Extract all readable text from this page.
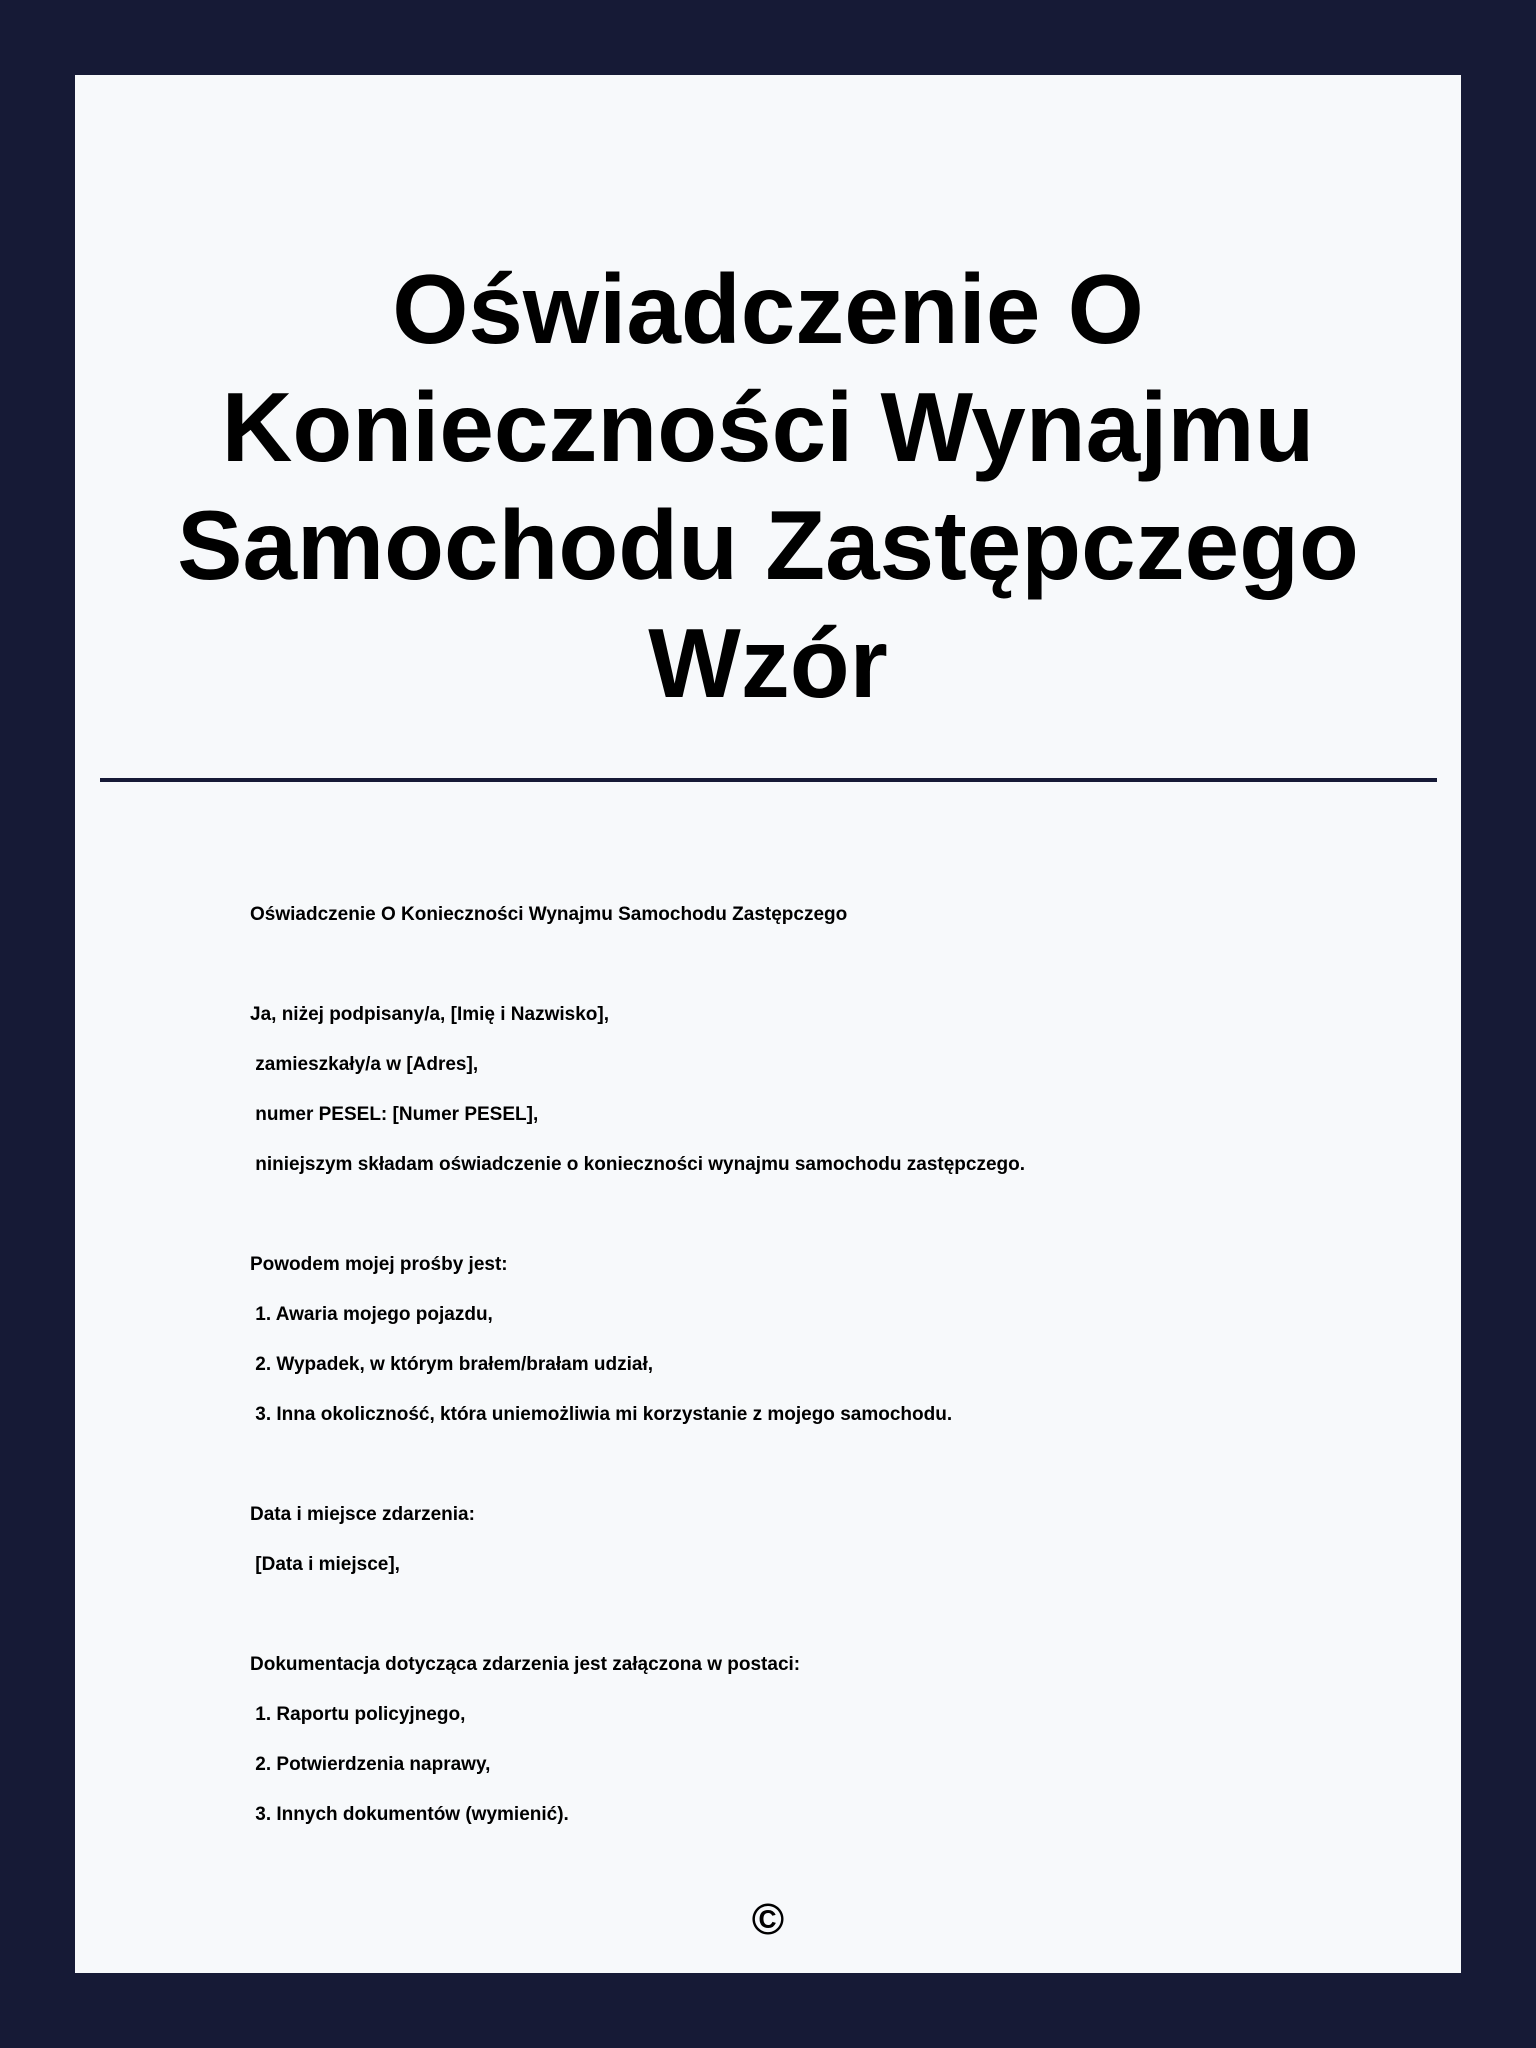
Oświadczenie O Konieczności Wynajmu Samochodu Zastępczego Wzór
Oświadczenie O Konieczności Wynajmu Samochodu Zastępczego
Ja, niżej podpisany/a, [Imię i Nazwisko],
zamieszkały/a w [Adres],
numer PESEL: [Numer PESEL],
niniejszym składam oświadczenie o konieczności wynajmu samochodu zastępczego.
Powodem mojej prośby jest:
1. Awaria mojego pojazdu,
2. Wypadek, w którym brałem/brałam udział,
3. Inna okoliczność, która uniemożliwia mi korzystanie z mojego samochodu.
Data i miejsce zdarzenia:
[Data i miejsce],
Dokumentacja dotycząca zdarzenia jest załączona w postaci:
1. Raportu policyjnego,
2. Potwierdzenia naprawy,
3. Innych dokumentów (wymienić).
©
